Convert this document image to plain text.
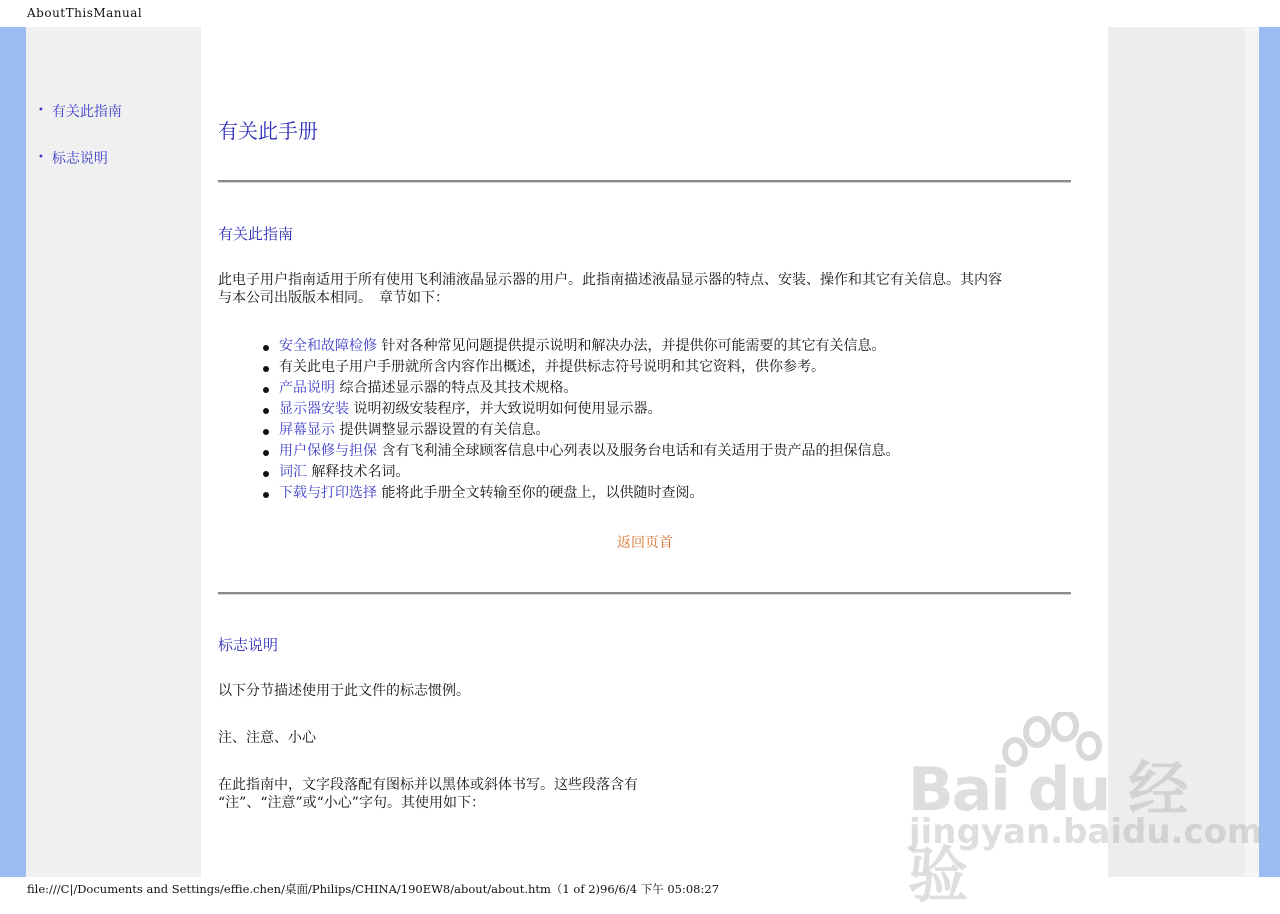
AboutThisManual
• 有关此指南
• 标志说明
有关此手册
有关此指南
此电子用户指南适用于所有使用飞利浦液晶显示器的用户。此指南描述液晶显示器的特点、安装、操作和其它有关信息。其内容
与本公司出版版本相同。　章节如下：
安全和故障检修 针对各种常见问题提供提示说明和解决办法，并提供你可能需要的其它有关信息。
有关此电子用户手册就所含内容作出概述，并提供标志符号说明和其它资料，供你参考。
产品说明 综合描述显示器的特点及其技术规格。
显示器安装 说明初级安装程序，并大致说明如何使用显示器。
屏幕显示 提供调整显示器设置的有关信息。
用户保修与担保 含有飞利浦全球顾客信息中心列表以及服务台电话和有关适用于贵产品的担保信息。
词汇 解释技术名词。
下载与打印选择 能将此手册全文转输至你的硬盘上，以供随时查阅。
返回页首
标志说明
以下分节描述使用于此文件的标志惯例。
注、注意、小心
在此指南中，文字段落配有图标并以黑体或斜体书写。这些段落含有
“注”、“注意”或“小心”字句。其使用如下：	Bai du 经验
jingyan.baidu.com
file:///C|/Documents and Settings/effie.chen/桌面/Philips/CHINA/190EW8/about/about.htm（1 of 2)96/6/4 下午 05:08:27
